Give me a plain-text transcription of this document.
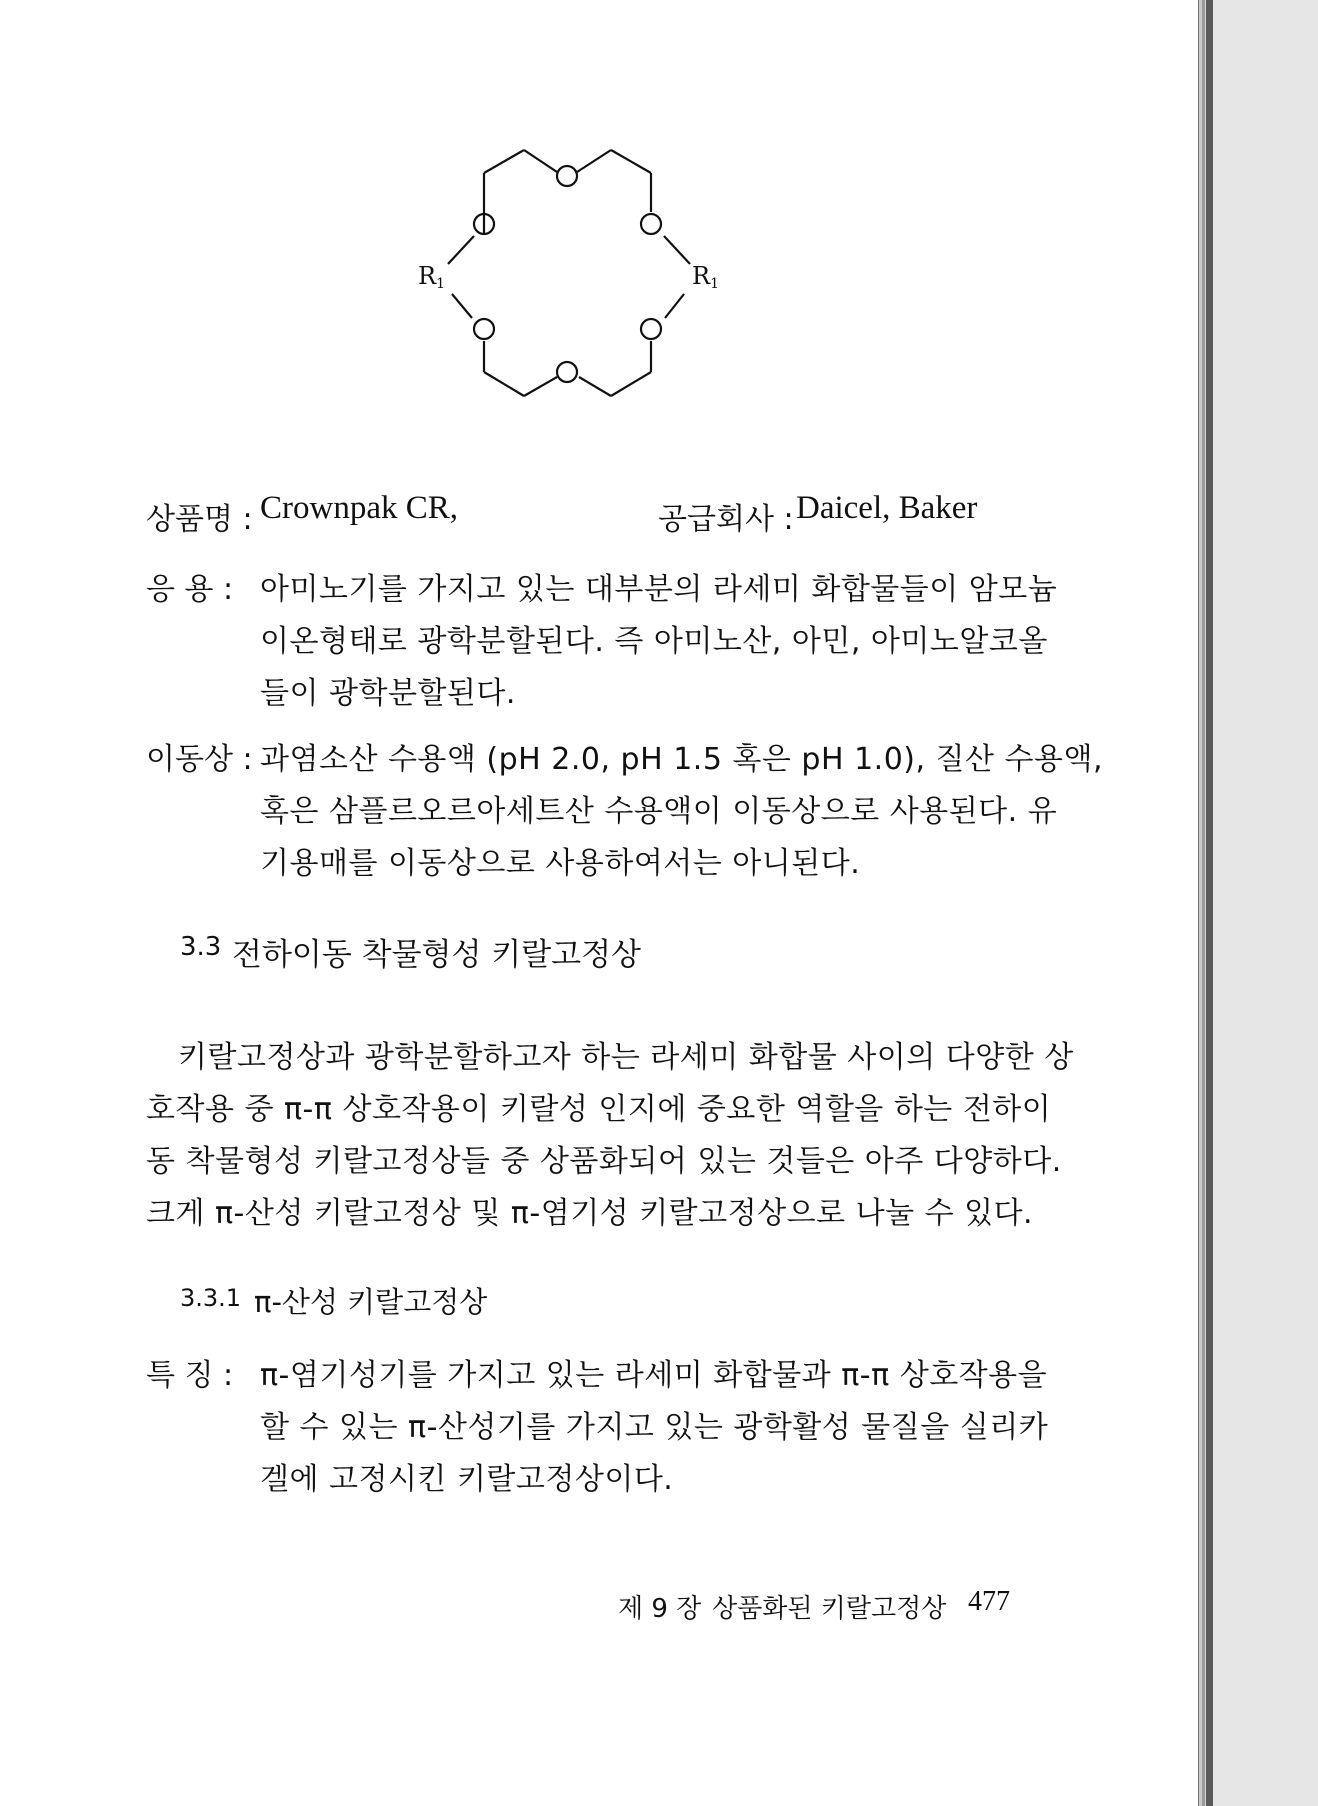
R1	R1
O
O	O
O	O
O
상품명 : Crownpak CR,	공급회사 : Daicel, Baker
응 용 : 아미노기를 가지고 있는 대부분의 라세미 화합물들이 암모늄
이온형태로 광학분할된다. 즉 아미노산, 아민, 아미노알코올
들이 광학분할된다.
이동상 : 과염소산 수용액 (pH 2.0, pH 1.5 혹은 pH 1.0), 질산 수용액,
혹은 삼플르오르아세트산 수용액이 이동상으로 사용된다. 유
기용매를 이동상으로 사용하여서는 아니된다.
3.3 전하이동 착물형성 키랄고정상
키랄고정상과 광학분할하고자 하는 라세미 화합물 사이의 다양한 상
호작용 중 π-π 상호작용이 키랄성 인지에 중요한 역할을 하는 전하이
동 착물형성 키랄고정상들 중 상품화되어 있는 것들은 아주 다양하다.
크게 π-산성 키랄고정상 및 π-염기성 키랄고정상으로 나눌 수 있다.
3.3.1 π-산성 키랄고정상
특 징 : π-염기성기를 가지고 있는 라세미 화합물과 π-π 상호작용을
할 수 있는 π-산성기를 가지고 있는 광학활성 물질을 실리카
겔에 고정시킨 키랄고정상이다.
제 9 장 상품화된 키랄고정상 477
